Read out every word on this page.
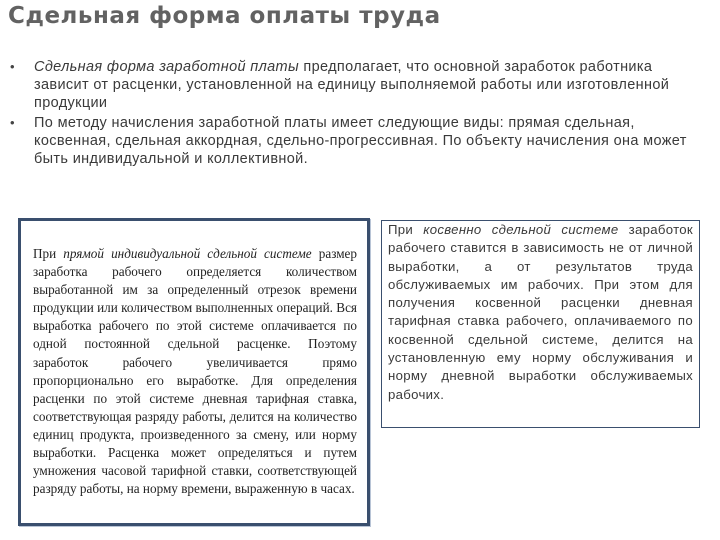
Сдельная форма оплаты труда
• Сдельная форма заработной платы предполагает, что основной заработок работника зависит от расценки, установленной на единицу выполняемой работы или изготовленной продукции
• По методу начисления заработной платы имеет следующие виды: прямая сдельная, косвенная, сдельная аккордная, сдельно-прогрессивная. По объекту начисления она может быть индивидуальной и коллективной.
При прямой индивидуальной сдельной системе размер заработка рабочего определяется количеством выработанной им за определенный отрезок времени продукции или количеством выполненных операций. Вся выработка рабочего по этой системе оплачивается по одной постоянной сдельной расценке. Поэтому заработок рабочего увеличивается прямо пропорционально его выработке. Для определения расценки по этой системе дневная тарифная ставка, соответствующая разряду работы, делится на количество единиц продукта, произведенного за смену, или норму выработки. Расценка может определяться и путем умножения часовой тарифной ставки, соответствующей разряду работы, на норму времени, выраженную в часах.
При косвенно сдельной системе заработок рабочего ставится в зависимость не от личной выработки, а от результатов труда обслуживаемых им рабочих. При этом для получения косвенной расценки дневная тарифная ставка рабочего, оплачиваемого по косвенной сдельной системе, делится на установленную ему норму обслуживания и норму дневной выработки обслуживаемых рабочих.
